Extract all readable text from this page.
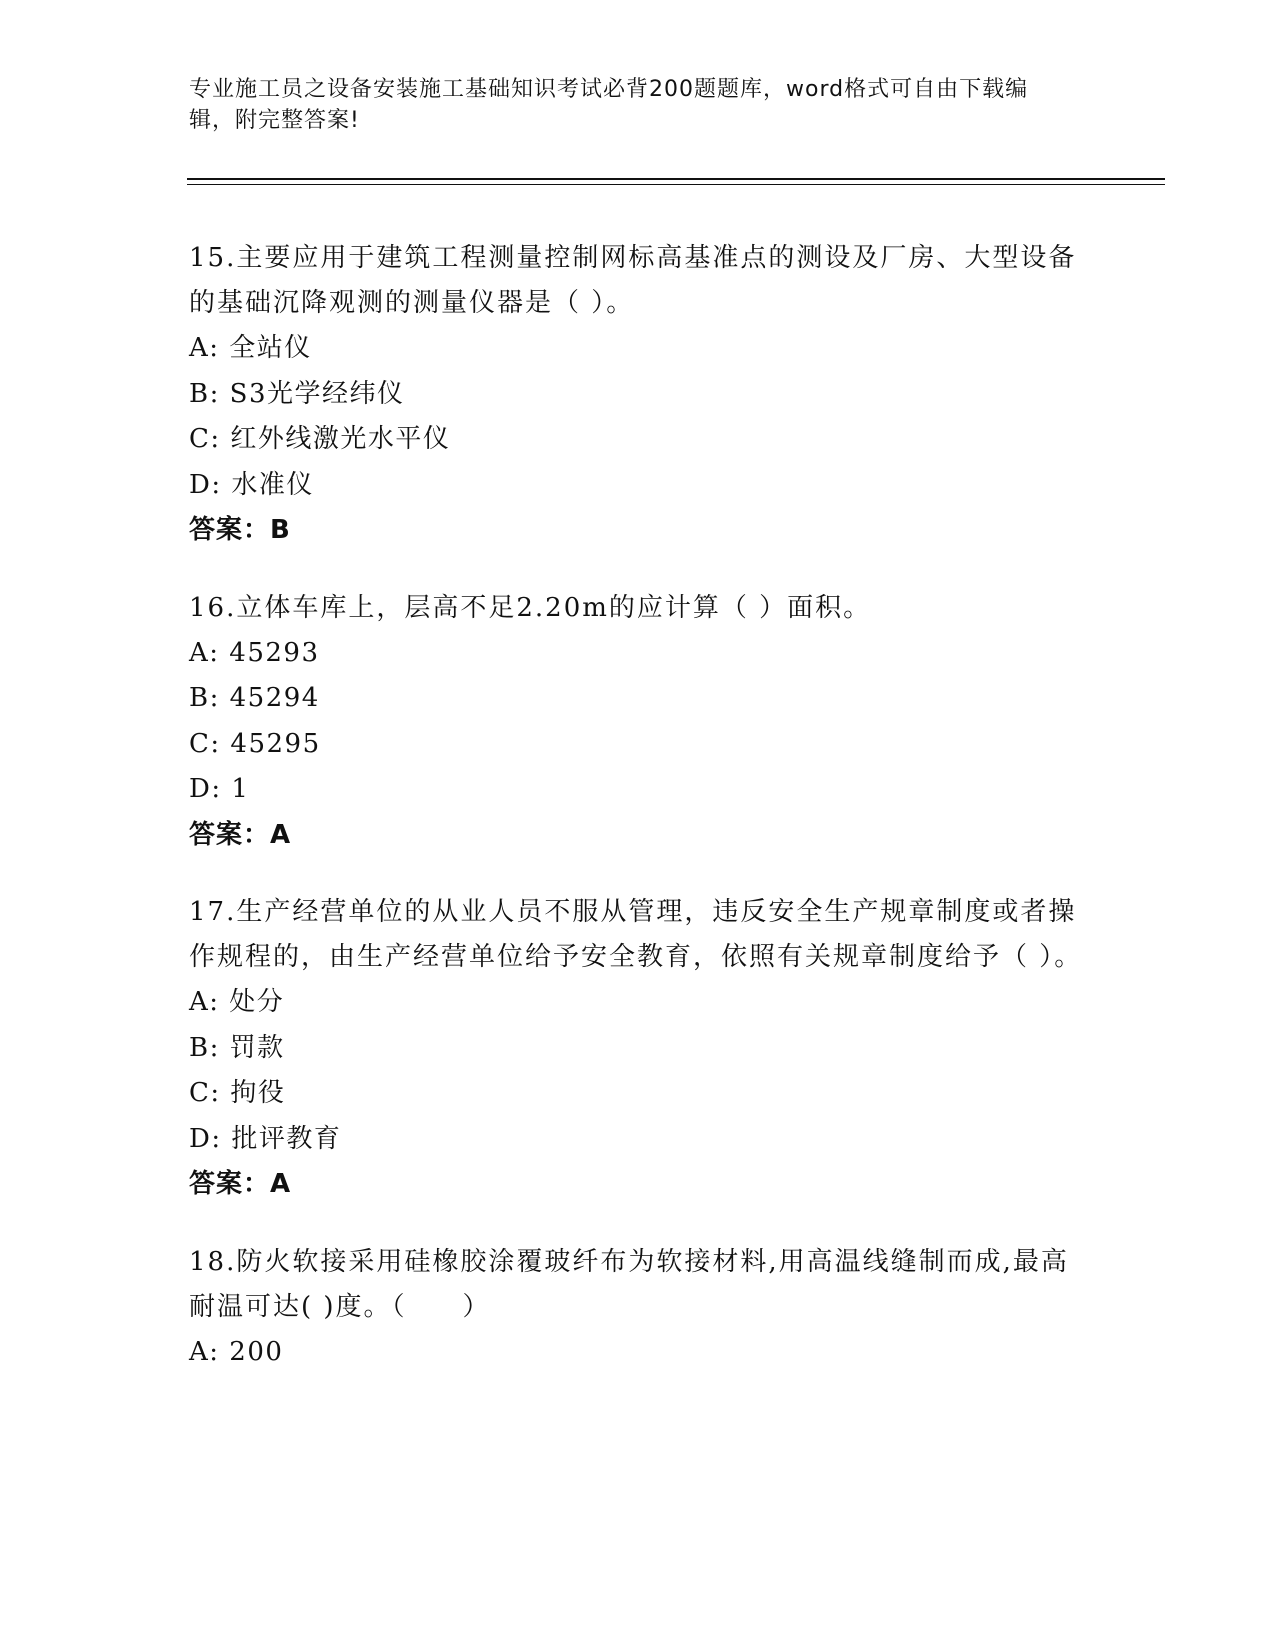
专业施工员之设备安装施工基础知识考试必背200题题库，word格式可自由下载编辑，附完整答案!
15.主要应用于建筑工程测量控制网标高基准点的测设及厂房、大型设备的基础沉降观测的测量仪器是（ ）。
A: 全站仪
B: S3光学经纬仪
C: 红外线激光水平仪
D: 水准仪
答案：B
16.立体车库上，层高不足2.20m的应计算（ ）面积。
A: 45293
B: 45294
C: 45295
D: 1
答案：A
17.生产经营单位的从业人员不服从管理，违反安全生产规章制度或者操作规程的，由生产经营单位给予安全教育，依照有关规章制度给予（ ）。
A: 处分
B: 罚款
C: 拘役
D: 批评教育
答案：A
18.防火软接采用硅橡胶涂覆玻纤布为软接材料,用高温线缝制而成,最高耐温可达( )度。（　　）
A: 200
